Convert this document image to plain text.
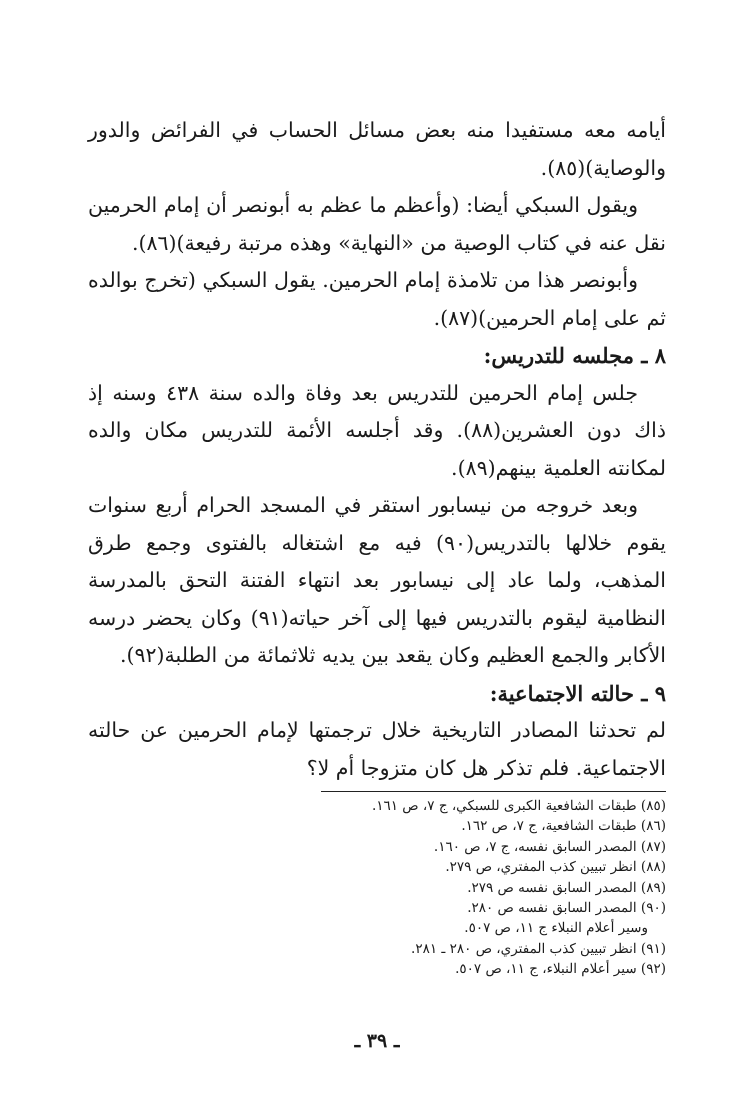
أيامه معه مستفيدا منه بعض مسائل الحساب في الفرائض والدور والوصاية)(٨٥).

ويقول السبكي أيضا: (وأعظم ما عظم به أبونصر أن إمام الحرمين نقل عنه في كتاب الوصية من «النهاية» وهذه مرتبة رفيعة)(٨٦).

وأبونصر هذا من تلامذة إمام الحرمين. يقول السبكي (تخرج بوالده ثم على إمام الحرمين)(٨٧).

٨ ـ مجلسه للتدريس:

جلس إمام الحرمين للتدريس بعد وفاة والده سنة ٤٣٨ وسنه إذ ذاك دون العشرين(٨٨). وقد أجلسه الأئمة للتدريس مكان والده لمكانته العلمية بينهم(٨٩).

وبعد خروجه من نيسابور استقر في المسجد الحرام أربع سنوات يقوم خلالها بالتدريس(٩٠) فيه مع اشتغاله بالفتوى وجمع طرق المذهب، ولما عاد إلى نيسابور بعد انتهاء الفتنة التحق بالمدرسة النظامية ليقوم بالتدريس فيها إلى آخر حياته(٩١) وكان يحضر درسه الأكابر والجمع العظيم وكان يقعد بين يديه ثلاثمائة من الطلبة(٩٢).

٩ ـ حالته الاجتماعية:

لم تحدثنا المصادر التاريخية خلال ترجمتها لإمام الحرمين عن حالته الاجتماعية. فلم تذكر هل كان متزوجا أم لا؟

(٨٥) طبقات الشافعية الكبرى للسبكي، ج ٧، ص ١٦١.

(٨٦) طبقات الشافعية، ج ٧، ص ١٦٢.

(٨٧) المصدر السابق نفسه، ج ٧، ص ١٦٠.

(٨٨) انظر تبيين كذب المفتري، ص ٢٧٩.

(٨٩) المصدر السابق نفسه ص ٢٧٩.

(٩٠) المصدر السابق نفسه ص ٢٨٠.

وسير أعلام النبلاء ج ١١، ص ٥٠٧.

(٩١) انظر تبيين كذب المفتري، ص ٢٨٠ ـ ٢٨١.

(٩٢) سير أعلام النبلاء، ج ١١، ص ٥٠٧.

ـ ٣٩ ـ
